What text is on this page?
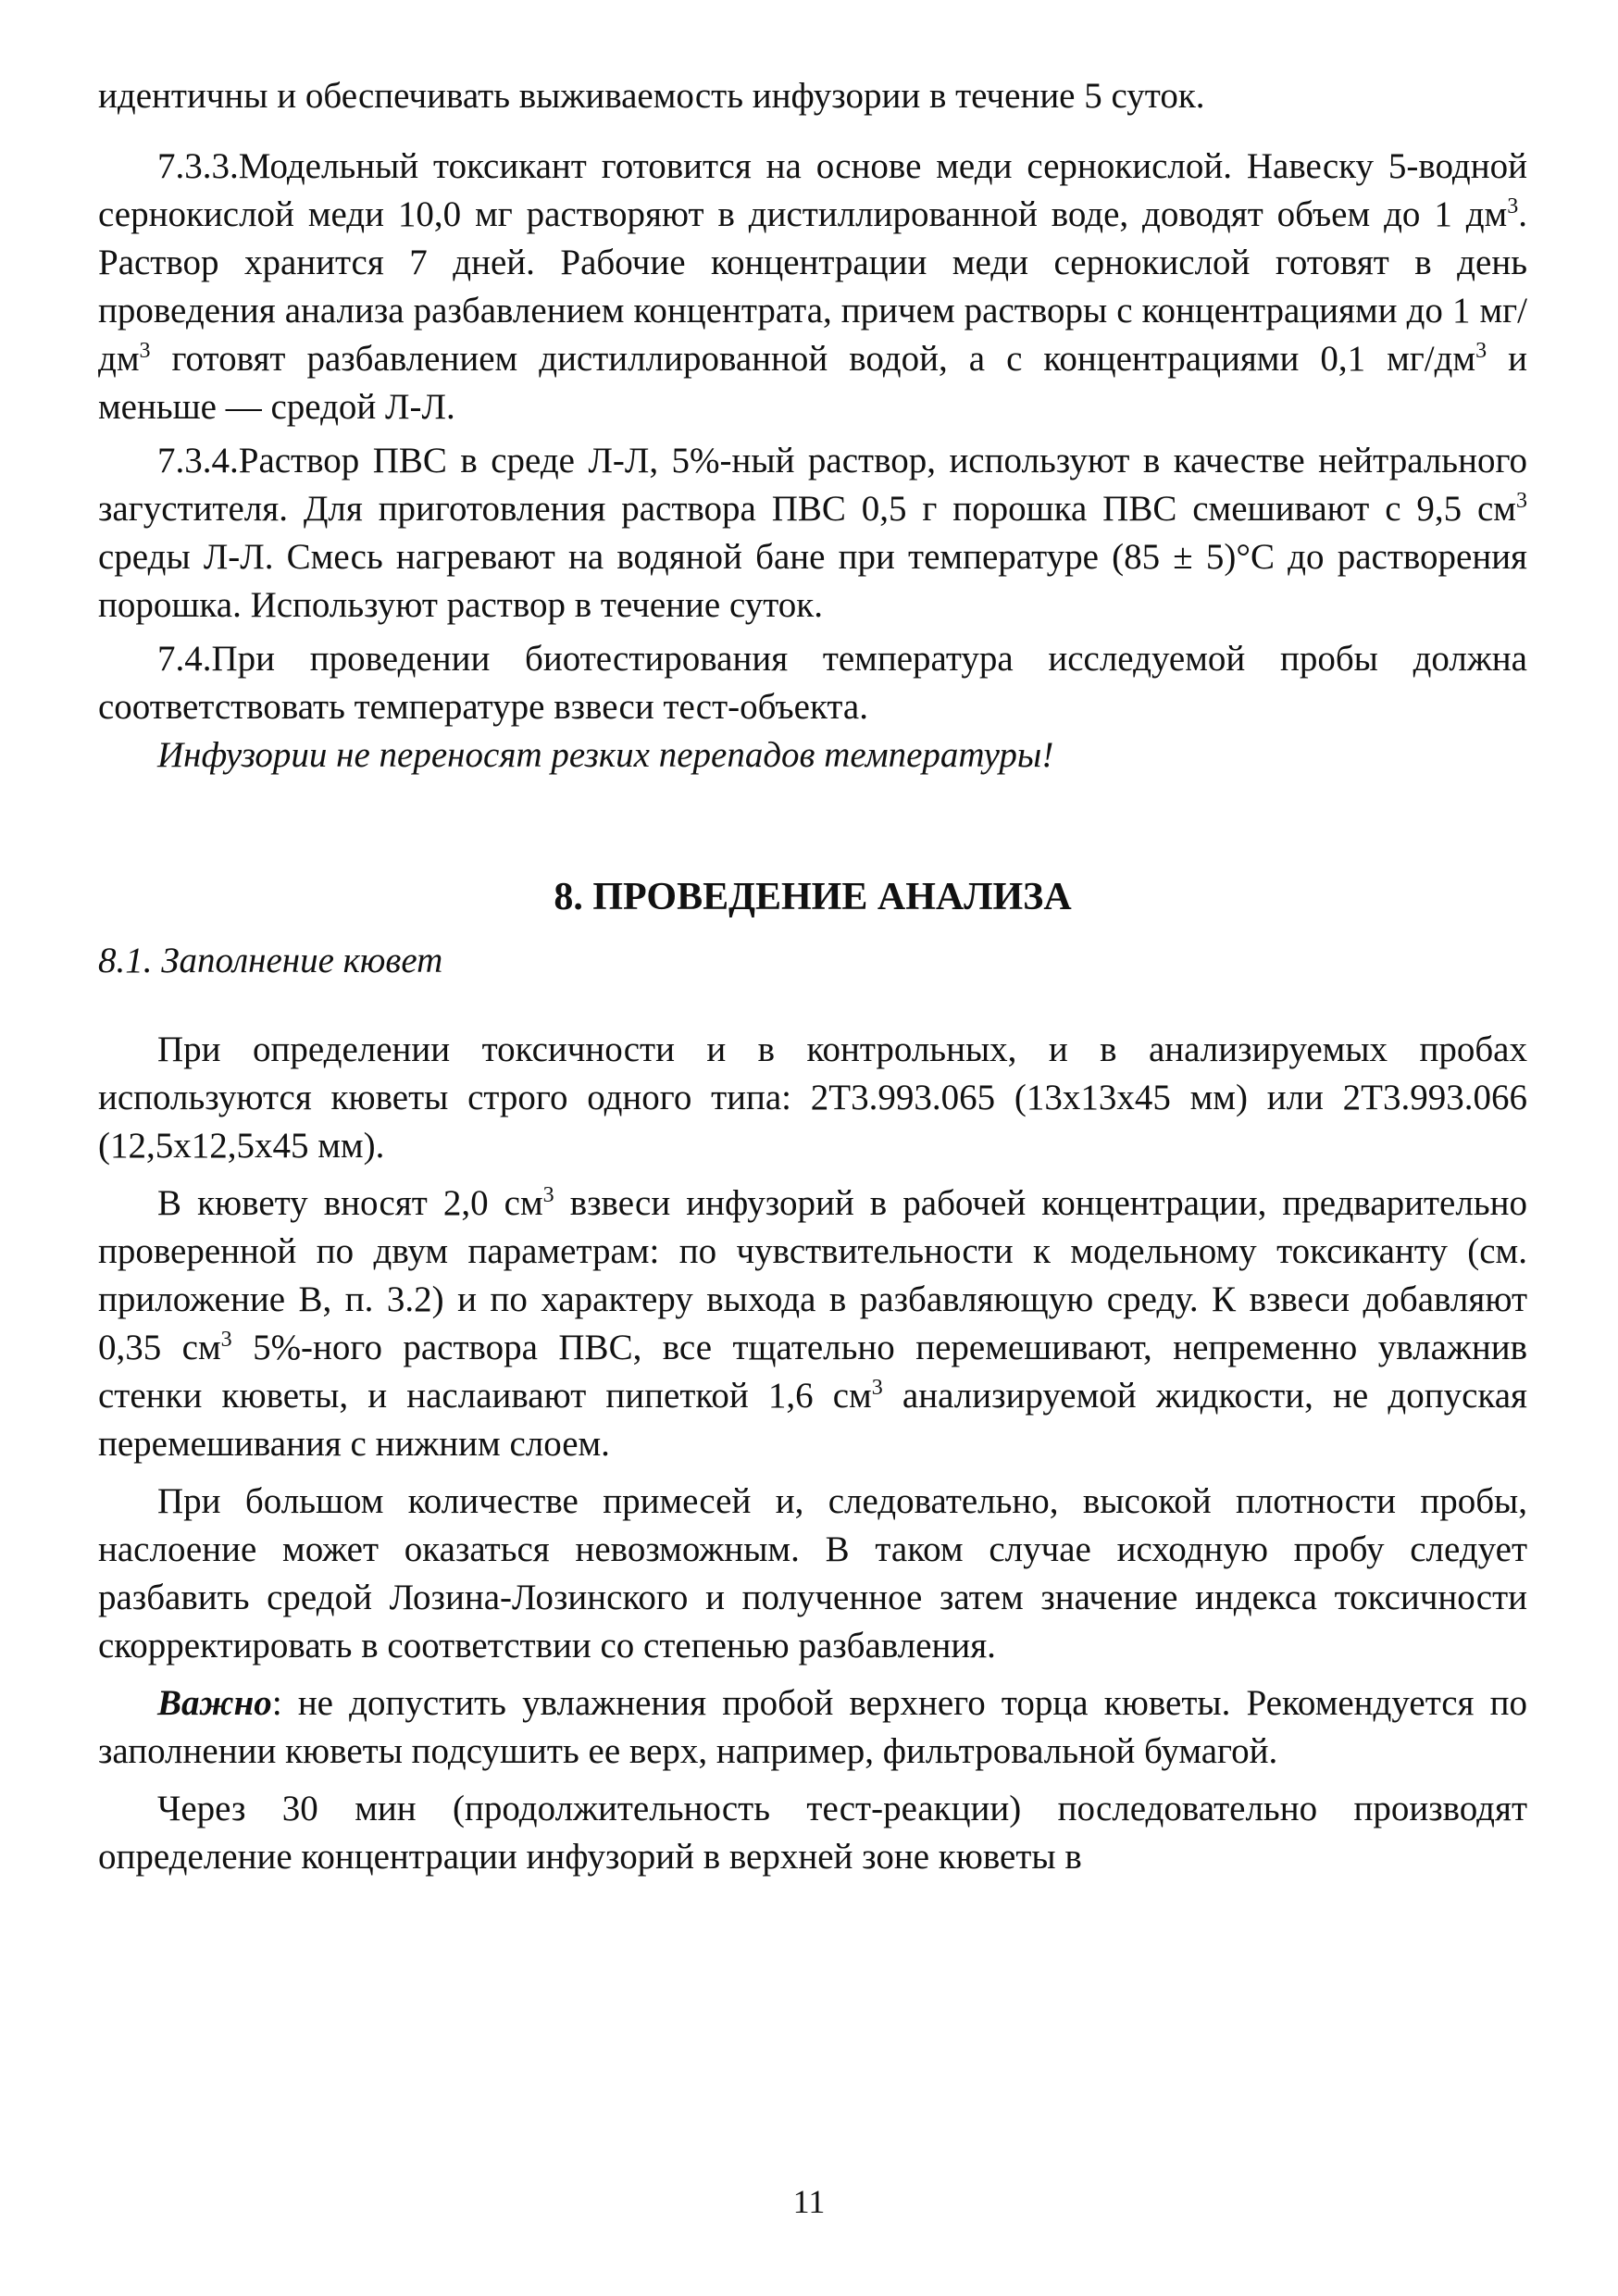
идентичны и обеспечивать выживаемость инфузории в течение 5 суток.

7.3.3.Модельный токсикант готовится на основе меди сернокислой. Навеску 5-водной сернокислой меди 10,0 мг растворяют в дистиллированной воде, доводят объем до 1 $дм^3$. Раствор хранится 7 дней. Рабочие концентрации меди сернокислой готовят в день проведения анализа разбавлением концентрата, причем растворы с концентрациями до 1 $мг/дм^3$ готовят разбавлением дистиллированной водой, а с концентрациями 0,1 $мг/дм^3$ и меньше — средой Л-Л.

7.3.4.Раствор ПВС в среде Л-Л, 5%-ный раствор, используют в качестве нейтрального загустителя. Для приготовления раствора ПВС 0,5 г порошка ПВС смешивают с 9,5 $см^3$ среды Л-Л. Смесь нагревают на водяной бане при температуре (85 ± 5)°С до растворения порошка. Используют раствор в течение суток.

7.4.При проведении биотестирования температура исследуемой пробы должна соответствовать температуре взвеси тест-объекта.

Инфузории не переносят резких перепадов температуры!

8. ПРОВЕДЕНИЕ АНАЛИЗА

8.1. Заполнение кювет

При определении токсичности и в контрольных, и в анализируемых пробах используются кюветы строго одного типа: 2Т3.993.065 (13x13x45 мм) или 2Т3.993.066 (12,5x12,5x45 мм).

В кювету вносят 2,0 $см^3$ взвеси инфузорий в рабочей концентрации, предварительно проверенной по двум параметрам: по чувствительности к модельному токсиканту (см. приложение В, п. 3.2) и по характеру выхода в разбавляющую среду. К взвеси добавляют 0,35 $см^3$ 5%-ного раствора ПВС, все тщательно перемешивают, непременно увлажнив стенки кюветы, и наслаивают пипеткой 1,6 $см^3$ анализируемой жидкости, не допуская перемешивания с нижним слоем.

При большом количестве примесей и, следовательно, высокой плотности пробы, наслоение может оказаться невозможным. В таком случае исходную пробу следует разбавить средой Лозина-Лозинского и полученное затем значение индекса токсичности скорректировать в соответствии со степенью разбавления.

Важно: не допустить увлажнения пробой верхнего торца кюветы. Рекомендуется по заполнении кюветы подсушить ее верх, например, фильтровальной бумагой.

Через 30 мин (продолжительность тест-реакции) последовательно производят определение концентрации инфузорий в верхней зоне кюветы в

11
